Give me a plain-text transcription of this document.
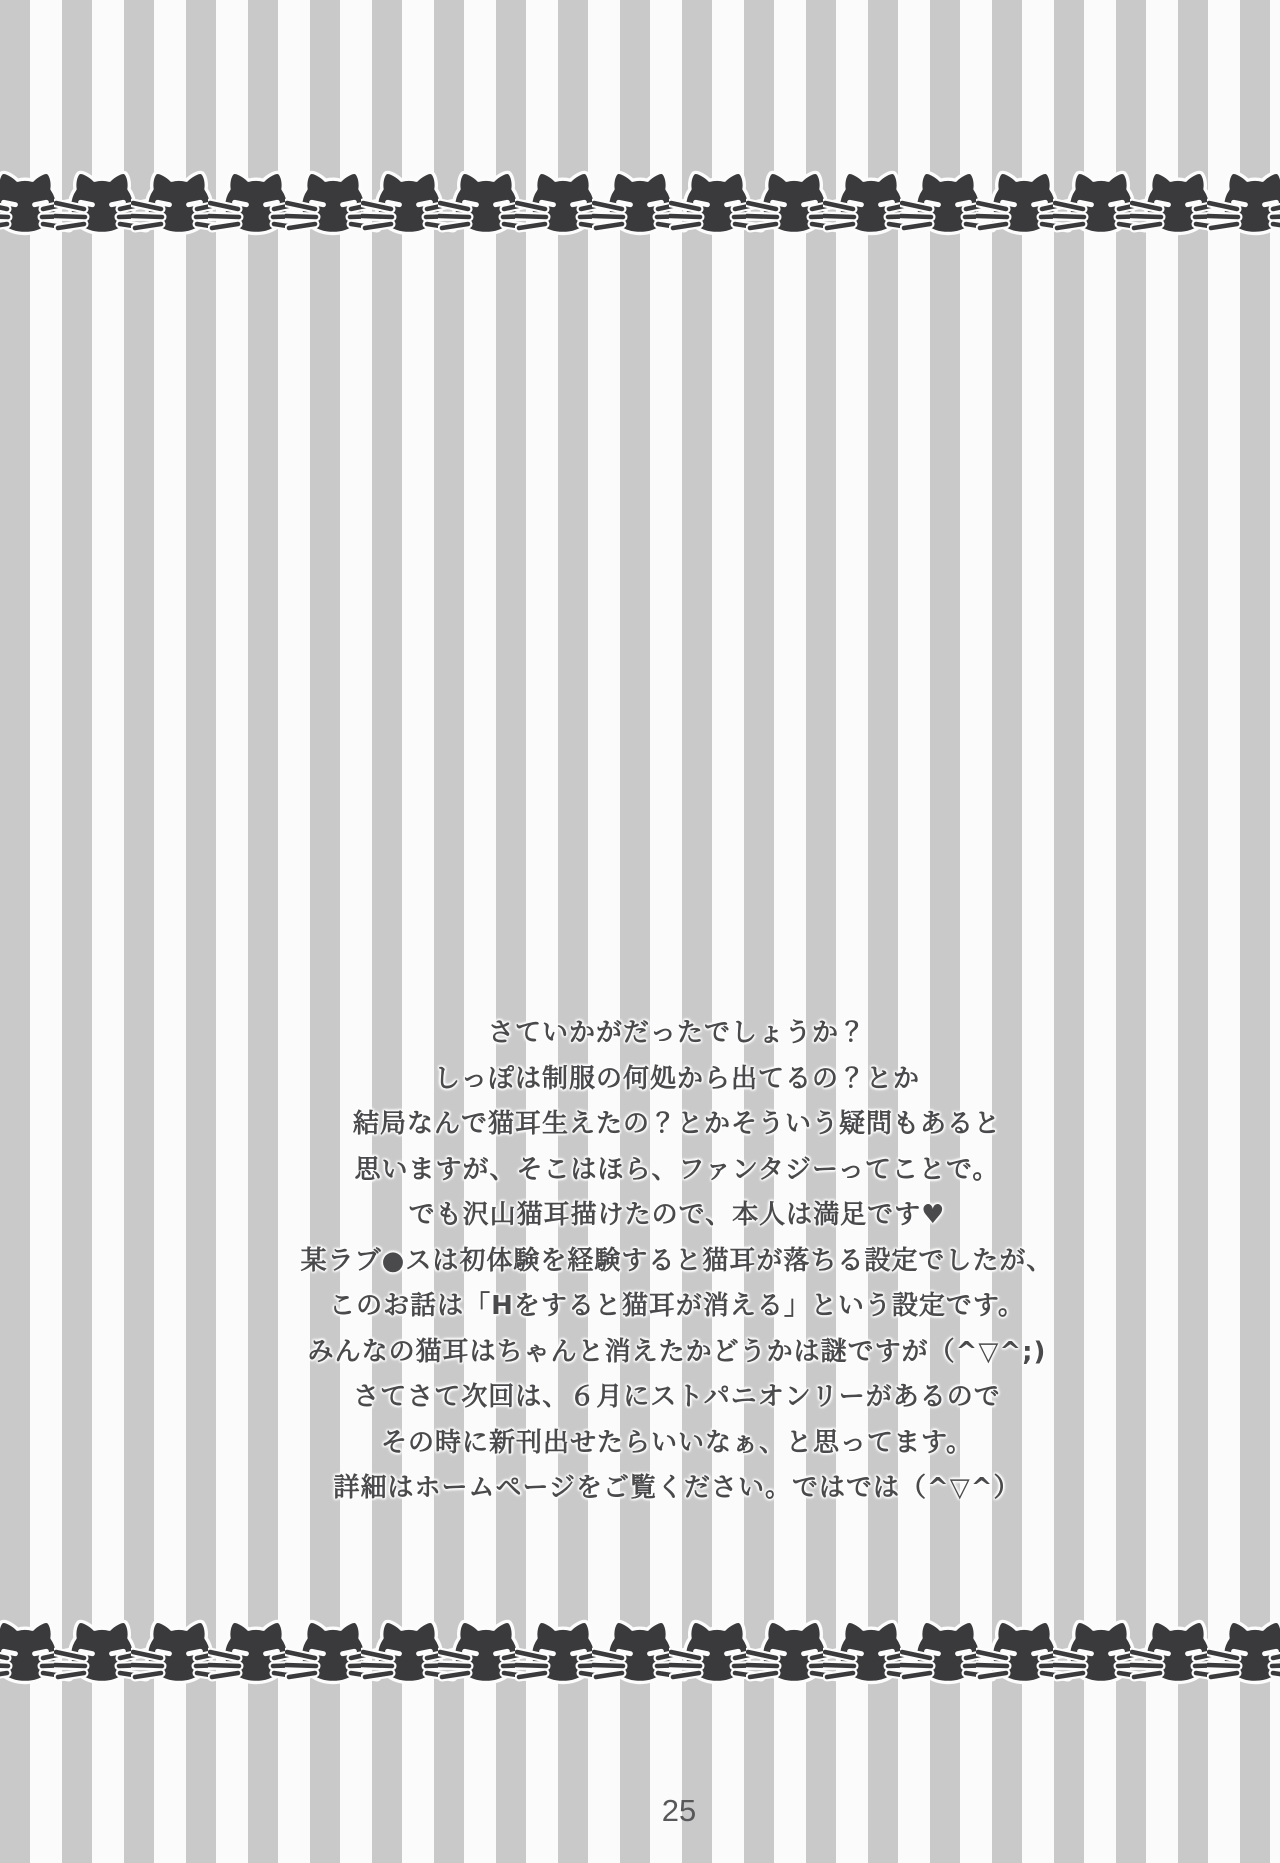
さていかがだったでしょうか？
しっぽは制服の何処から出てるの？とか
結局なんで猫耳生えたの？とかそういう疑問もあると
思いますが、そこはほら、ファンタジーってことで。
でも沢山猫耳描けたので、本人は満足です♥
某ラブ●スは初体験を経験すると猫耳が落ちる設定でしたが、
このお話は「Hをすると猫耳が消える」という設定です。
みんなの猫耳はちゃんと消えたかどうかは謎ですが（^▽^;)
さてさて次回は、６月にストパニオンリーがあるので
その時に新刊出せたらいいなぁ、と思ってます。
詳細はホームページをご覧ください。ではでは（^▽^）
25
